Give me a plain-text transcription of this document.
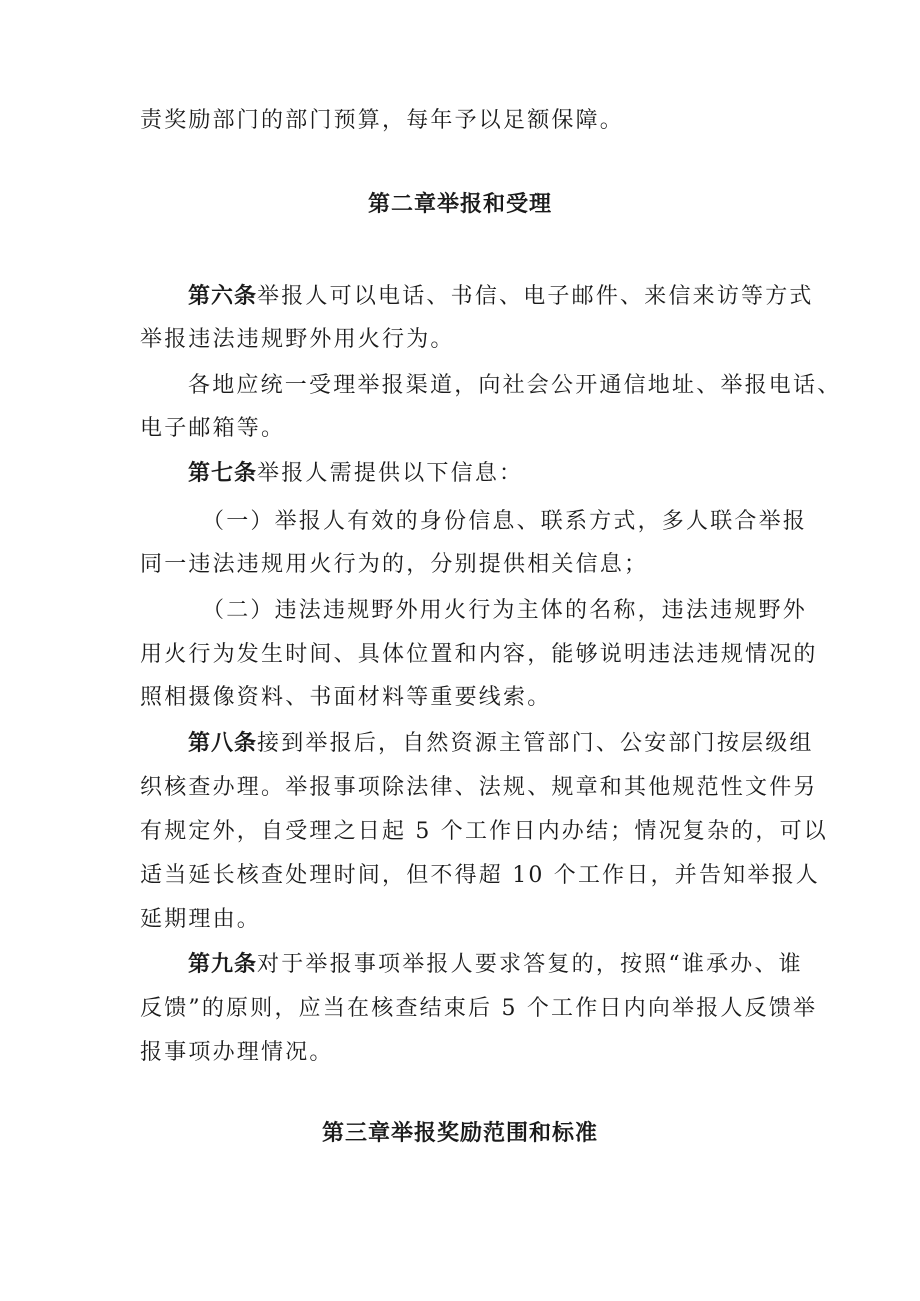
责奖励部门的部门预算，每年予以足额保障。
第二章举报和受理
第六条举报人可以电话、书信、电子邮件、来信来访等方式
举报违法违规野外用火行为。
各地应统一受理举报渠道，向社会公开通信地址、举报电话、
电子邮箱等。
第七条举报人需提供以下信息：
（一）举报人有效的身份信息、联系方式，多人联合举报
同一违法违规用火行为的，分别提供相关信息；
（二）违法违规野外用火行为主体的名称，违法违规野外
用火行为发生时间、具体位置和内容，能够说明违法违规情况的
照相摄像资料、书面材料等重要线索。
第八条接到举报后，自然资源主管部门、公安部门按层级组
织核查办理。举报事项除法律、法规、规章和其他规范性文件另
有规定外，自受理之日起 5 个工作日内办结；情况复杂的，可以
适当延长核查处理时间，但不得超 10 个工作日，并告知举报人
延期理由。
第九条对于举报事项举报人要求答复的，按照“谁承办、谁
反馈”的原则，应当在核查结束后 5 个工作日内向举报人反馈举
报事项办理情况。
第三章举报奖励范围和标准
